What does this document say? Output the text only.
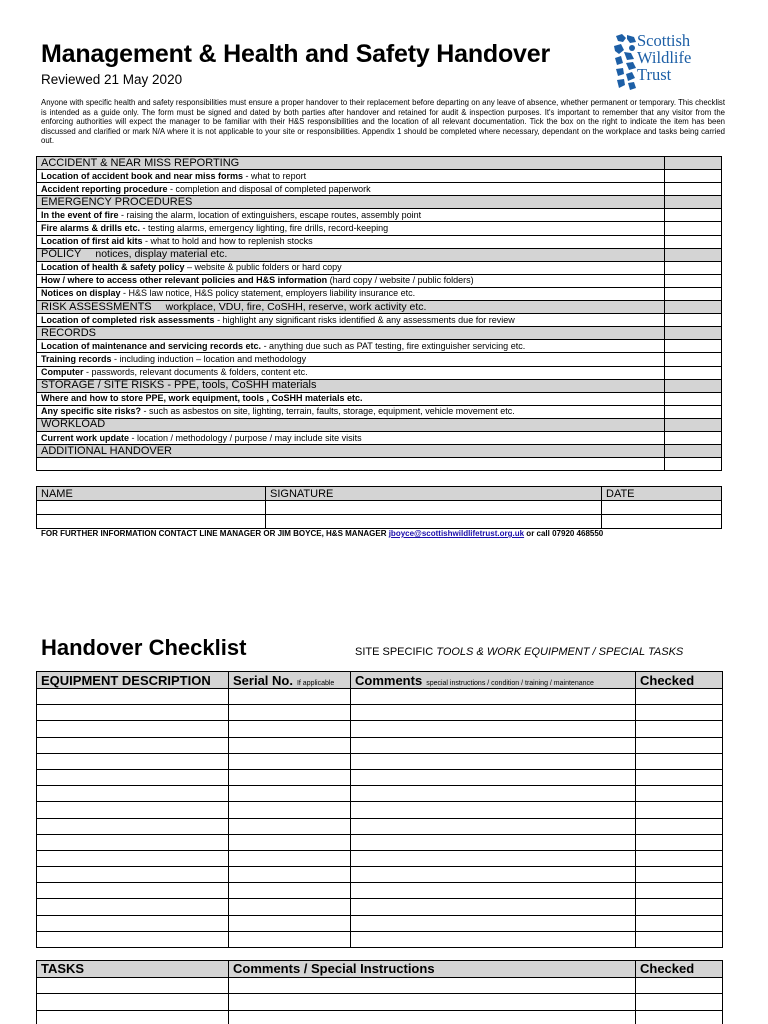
Management & Health and Safety Handover
Reviewed 21 May 2020
Scottish
Wildlife
Trust
Anyone with specific health and safety responsibilities must ensure a proper handover to their replacement before departing on any leave of absence, whether permanent or temporary. This checklist is intended as a guide only. The form must be signed and dated by both parties after handover and retained for audit & inspection purposes. It's important to remember that any visitor from the enforcing authorities will expect the manager to be familiar with their H&S responsibilities and the location of all relevant documentation. Tick the box on the right to indicate the item has been discussed and clarified or mark N/A where it is not applicable to your site or responsibilities. Appendix 1 should be completed where necessary, dependant on the workplace and tasks being carried out.
ACCIDENT & NEAR MISS REPORTING	
Location of accident book and near miss forms - what to report	
Accident reporting procedure - completion and disposal of completed paperwork	
EMERGENCY PROCEDURES	
In the event of fire - raising the alarm, location of extinguishers, escape routes, assembly point	
Fire alarms & drills etc. - testing alarms, emergency lighting, fire drills, record-keeping	
Location of first aid kits - what to hold and how to replenish stocks	
POLICY notices, display material etc.	
Location of health & safety policy – website & public folders or hard copy	
How / where to access other relevant policies and H&S information (hard copy / website / public folders)	
Notices on display - H&S law notice, H&S policy statement, employers liability insurance etc.	
RISK ASSESSMENTS workplace, VDU, fire, CoSHH, reserve, work activity etc.	
Location of completed risk assessments - highlight any significant risks identified & any assessments due for review	
RECORDS	
Location of maintenance and servicing records etc. - anything due such as PAT testing, fire extinguisher servicing etc.	
Training records - including induction – location and methodology	
Computer - passwords, relevant documents & folders, content etc.	
STORAGE / SITE RISKS - PPE, tools, CoSHH materials	
Where and how to store PPE, work equipment, tools , CoSHH materials etc.	
Any specific site risks? - such as asbestos on site, lighting, terrain, faults, storage, equipment, vehicle movement etc.	
WORKLOAD	
Current work update - location / methodology / purpose / may include site visits	
ADDITIONAL HANDOVER	

NAME	SIGNATURE	DATE

FOR FURTHER INFORMATION CONTACT LINE MANAGER OR JIM BOYCE, H&S MANAGER jboyce@scottishwildlifetrust.org.uk or call 07920 468550
Handover Checklist	SITE SPECIFIC TOOLS & WORK EQUIPMENT / SPECIAL TASKS
EQUIPMENT DESCRIPTION	Serial No. If applicable	Comments special instructions / condition / training / maintenance	Checked

TASKS	Comments / Special Instructions	Checked
